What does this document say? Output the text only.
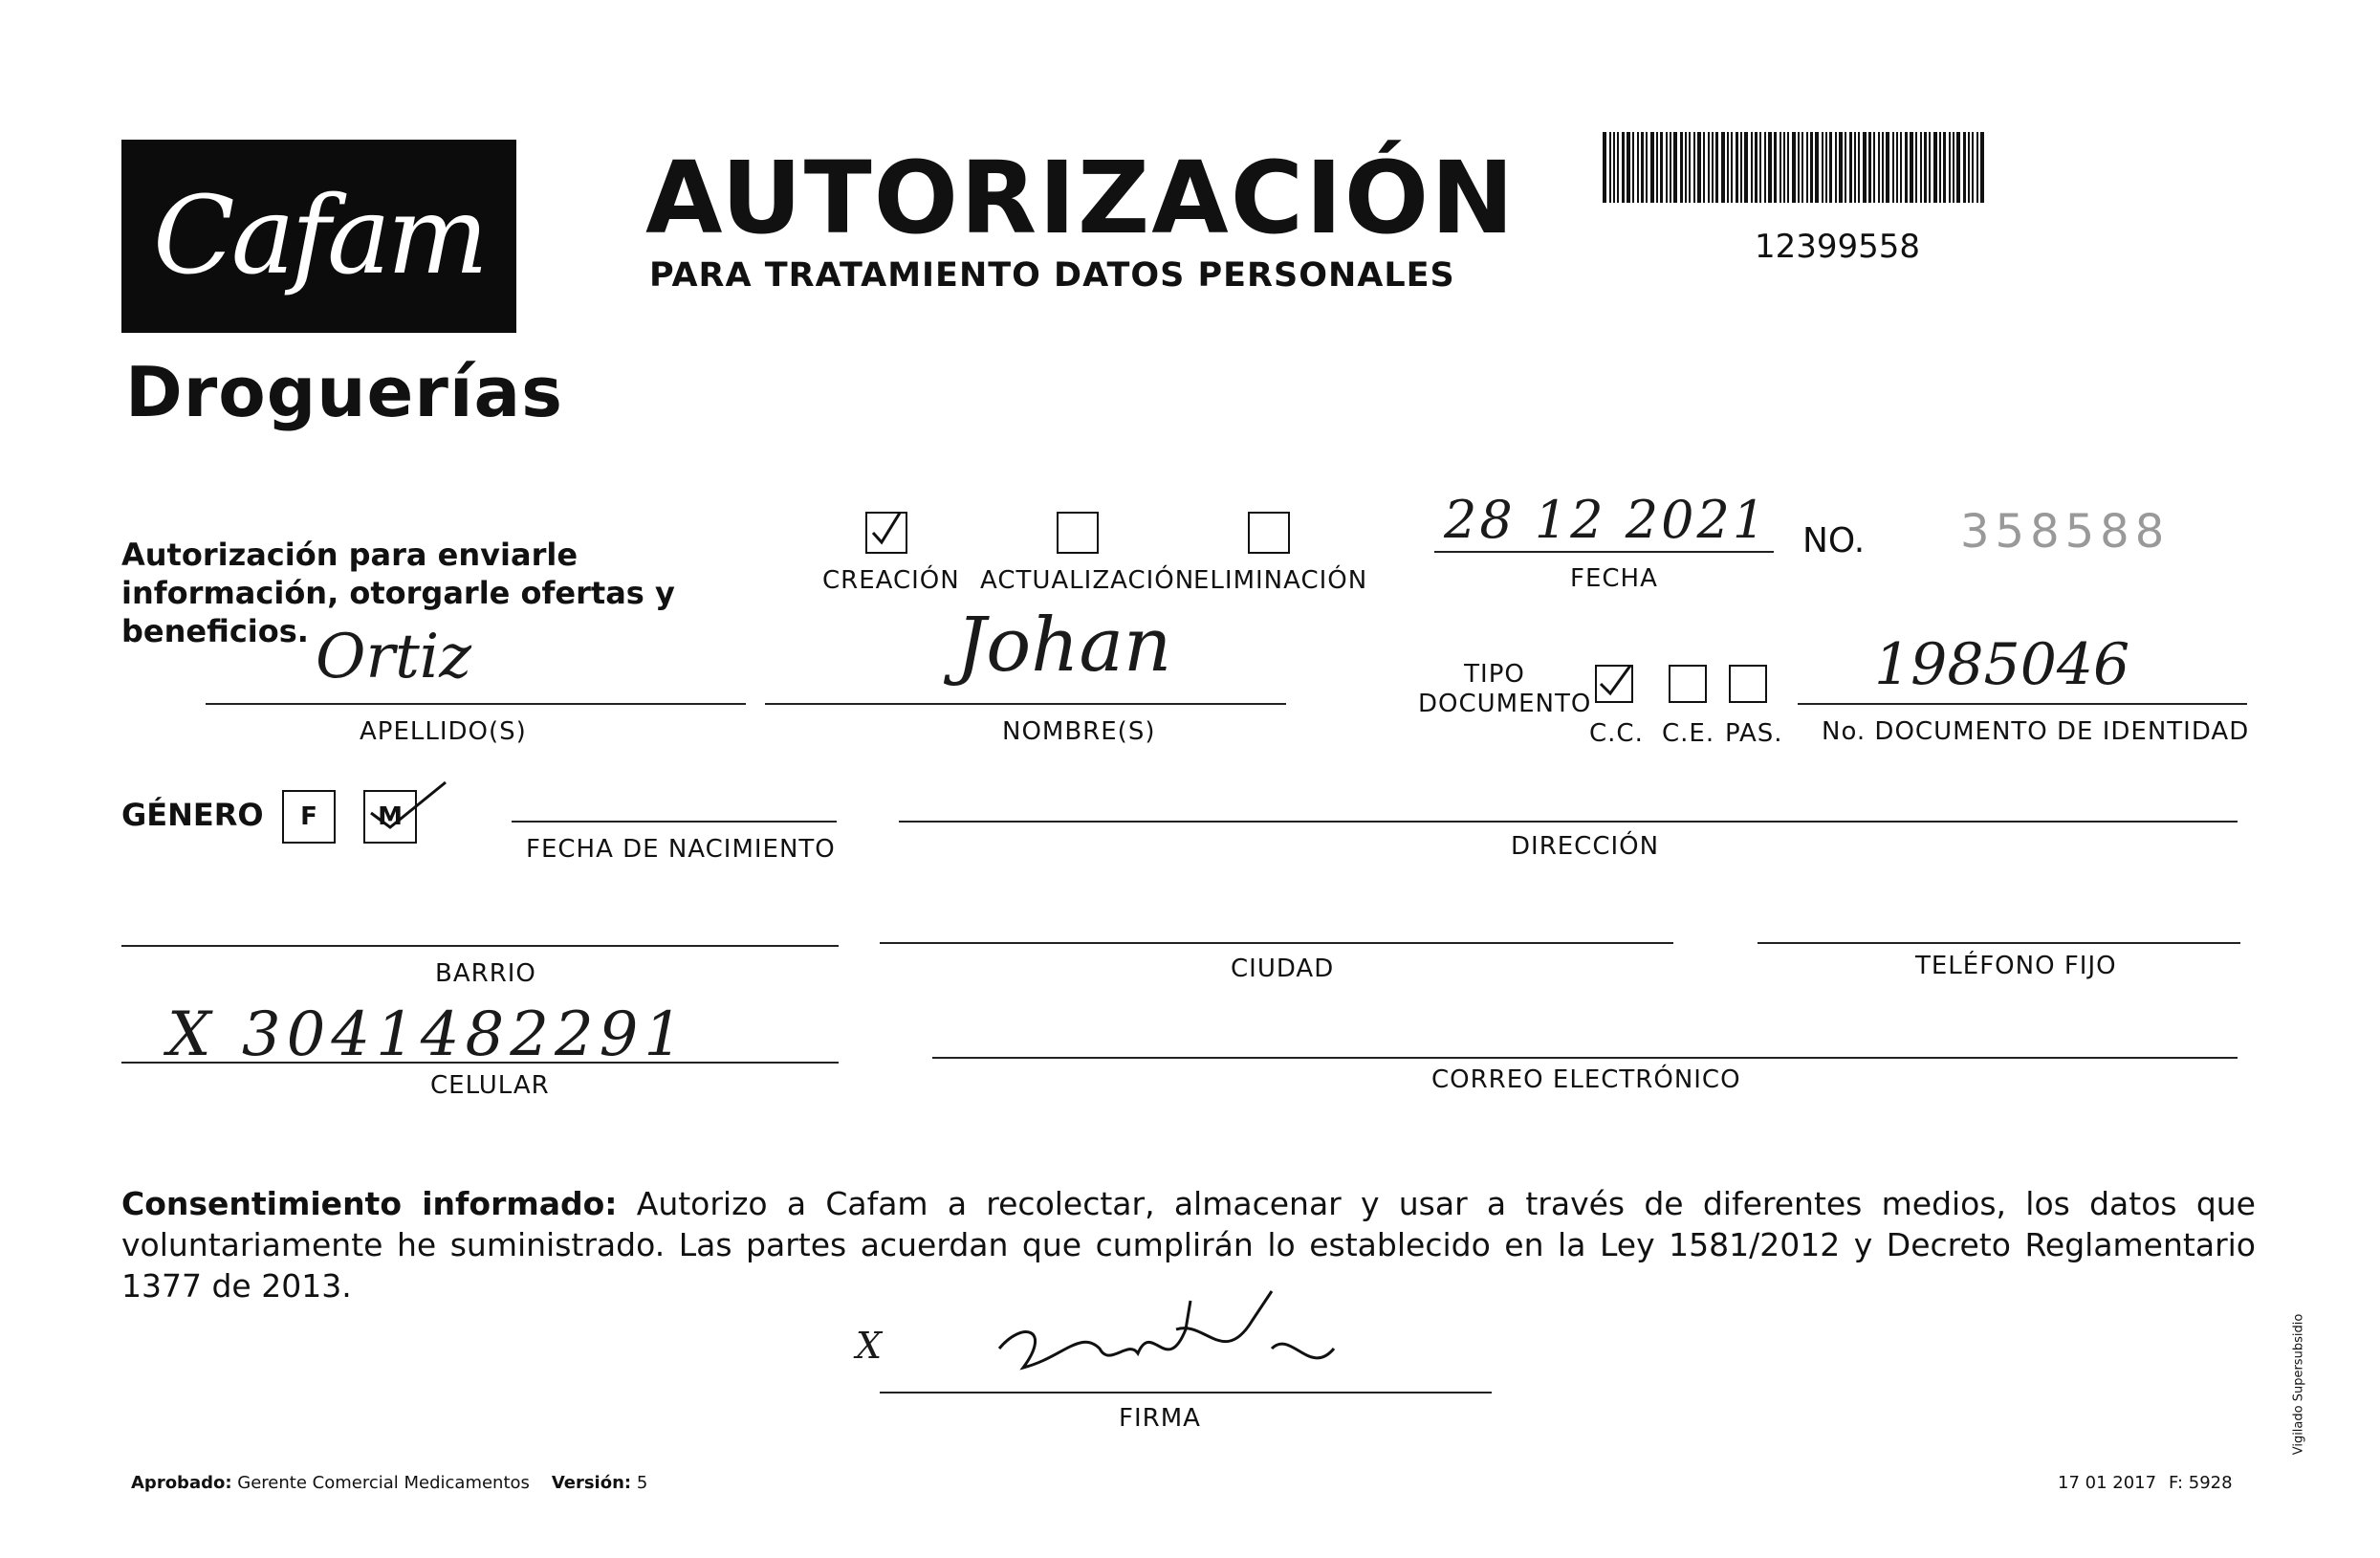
Cafam
Droguerías
AUTORIZACIÓN
PARA TRATAMIENTO DATOS PERSONALES
12399558
Autorización para enviarle información, otorgarle ofertas y beneficios.
CREACIÓN ACTUALIZACIÓN
ELIMINACIÓN
28 12 2021
FECHA
NO. 358588
Ortiz
APELLIDO(S)
Johan
NOMBRE(S)
TIPO DOCUMENTO
C.C. C.E. PAS.
1985046
No. DOCUMENTO DE IDENTIDAD
GÉNERO F M
FECHA DE NACIMIENTO	DIRECCIÓN
BARRIO	CIUDAD	TELÉFONO FIJO
X 3041482291
CELULAR	CORREO ELECTRÓNICO
Consentimiento informado: Autorizo a Cafam a recolectar, almacenar y usar a través de diferentes medios, los datos que voluntariamente he suministrado. Las partes acuerdan que cumplirán lo establecido en la Ley 1581/2012 y Decreto Reglamentario 1377 de 2013.
X
FIRMA
Aprobado: Gerente Comercial Medicamentos Versión: 5	17 01 2017 F: 5928
Vigilado Supersubsidio
